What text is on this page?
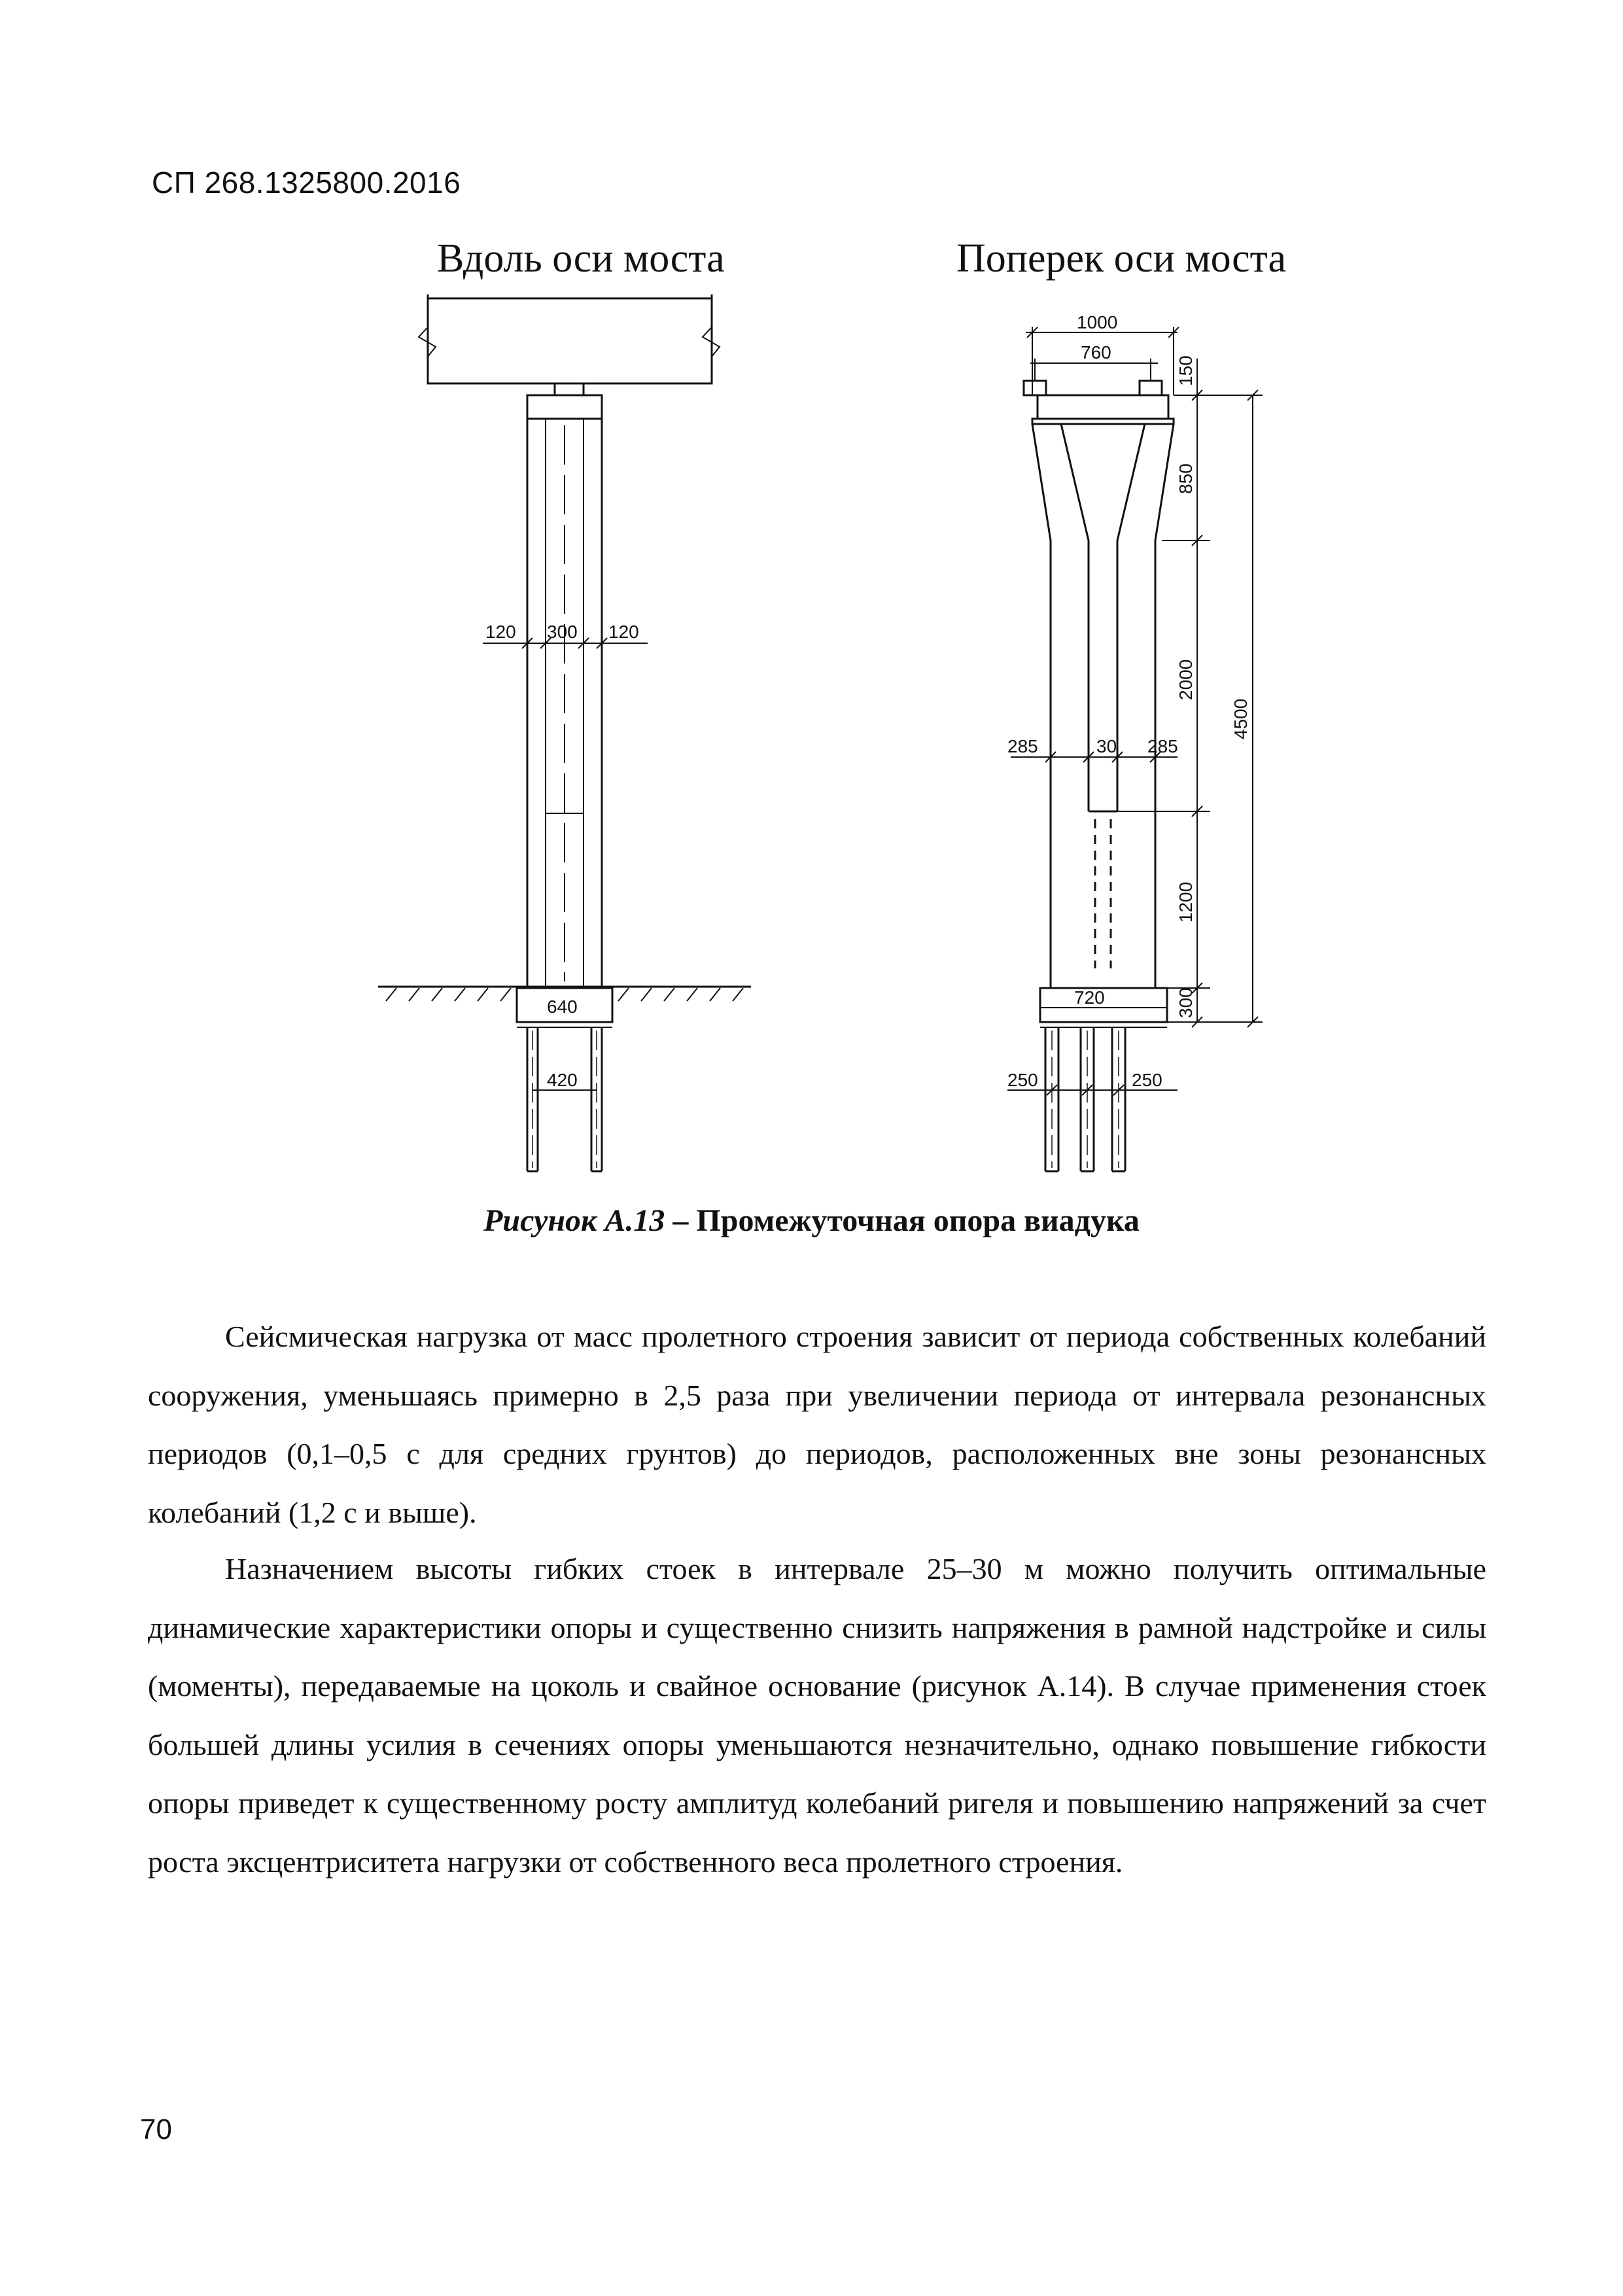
СП 268.1325800.2016
Вдоль оси моста	Поперек оси моста
120 300 120
640
420
1000
760
150
850
2000
4500
285	30 285
1200
720	300
250	250
Рисунок А.13 – Промежуточная опора виадука

Сейсмическая нагрузка от масс пролетного строения зависит от периода собственных колебаний сооружения, уменьшаясь примерно в 2,5 раза при увеличении периода от интервала резонансных периодов (0,1–0,5 с для средних грунтов) до периодов, расположенных вне зоны резонансных колебаний (1,2 с и выше).

Назначением высоты гибких стоек в интервале 25–30 м можно получить оптимальные динамические характеристики опоры и существенно снизить напряжения в рамной надстройке и силы (моменты), передаваемые на цоколь и свайное основание (рисунок А.14). В случае применения стоек большей длины усилия в сечениях опоры уменьшаются незначительно, однако повышение гибкости опоры приведет к существенному росту амплитуд колебаний ригеля и повышению напряжений за счет роста эксцентриситета нагрузки от собственного веса пролетного строения.

70
